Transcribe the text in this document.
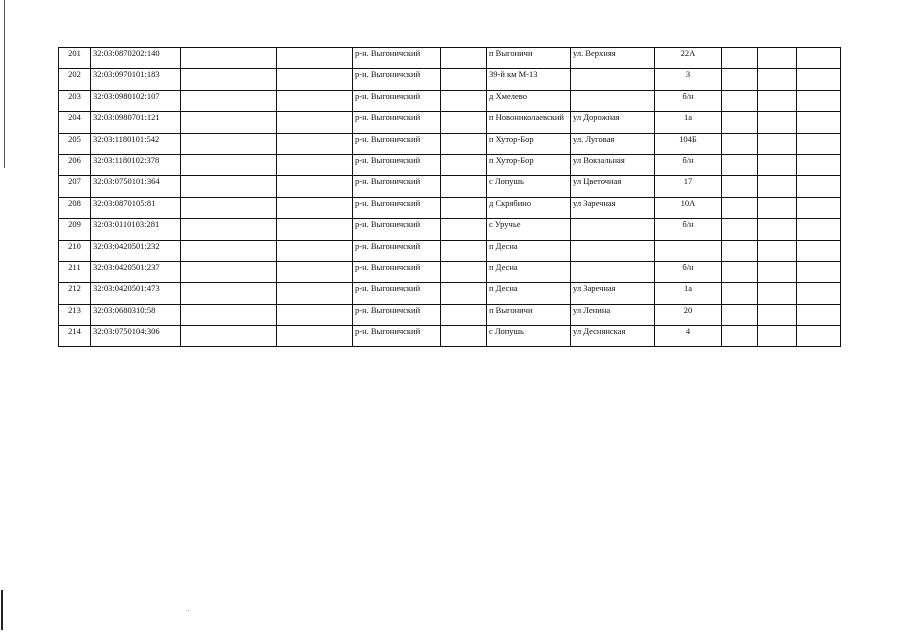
201	32:03:0870202:140			р-н. Выгоничский		п Выгоничи	ул. Верхняя	22А			
202	32:03:0970101:183			р-н. Выгоничский		39-й км М-13		3			
203	32:03:0980102:107			р-н. Выгоничский		д Хмелево		б/н			
204	32:03:0980701:121			р-н. Выгоничский		п Новониколаевский	ул Дорожная	1а			
205	32:03:1180101:542			р-н. Выгоничский		п Хутор-Бор	ул. Луговая	104Б			
206	32:03:1180102:378			р-н. Выгоничский		п Хутор-Бор	ул Вокзальная	б/н			
207	32:03:0750101:364			р-н. Выгоничский		с Лопушь	ул Цветочная	17			
208	32:03:0870105:81			р-н. Выгоничский		д Скрябино	ул Заречная	10А			
209	32:03:0110103:281			р-н. Выгоничский		с Уручье		б/н			
210	32:03:0420501:232			р-н. Выгоничский		п Десна					
211	32:03:0420501:237			р-н. Выгоничский		п Десна		б/н			
212	32:03:0420501:473			р-н. Выгоничский		п Десна	ул Заречная	1а			
213	32:03:0680310:58			р-н. Выгоничский		п Выгоничи	ул Ленина	20			
214	32:03:0750104:306			р-н. Выгоничский		с Лопушь	ул Деснянская	4			
